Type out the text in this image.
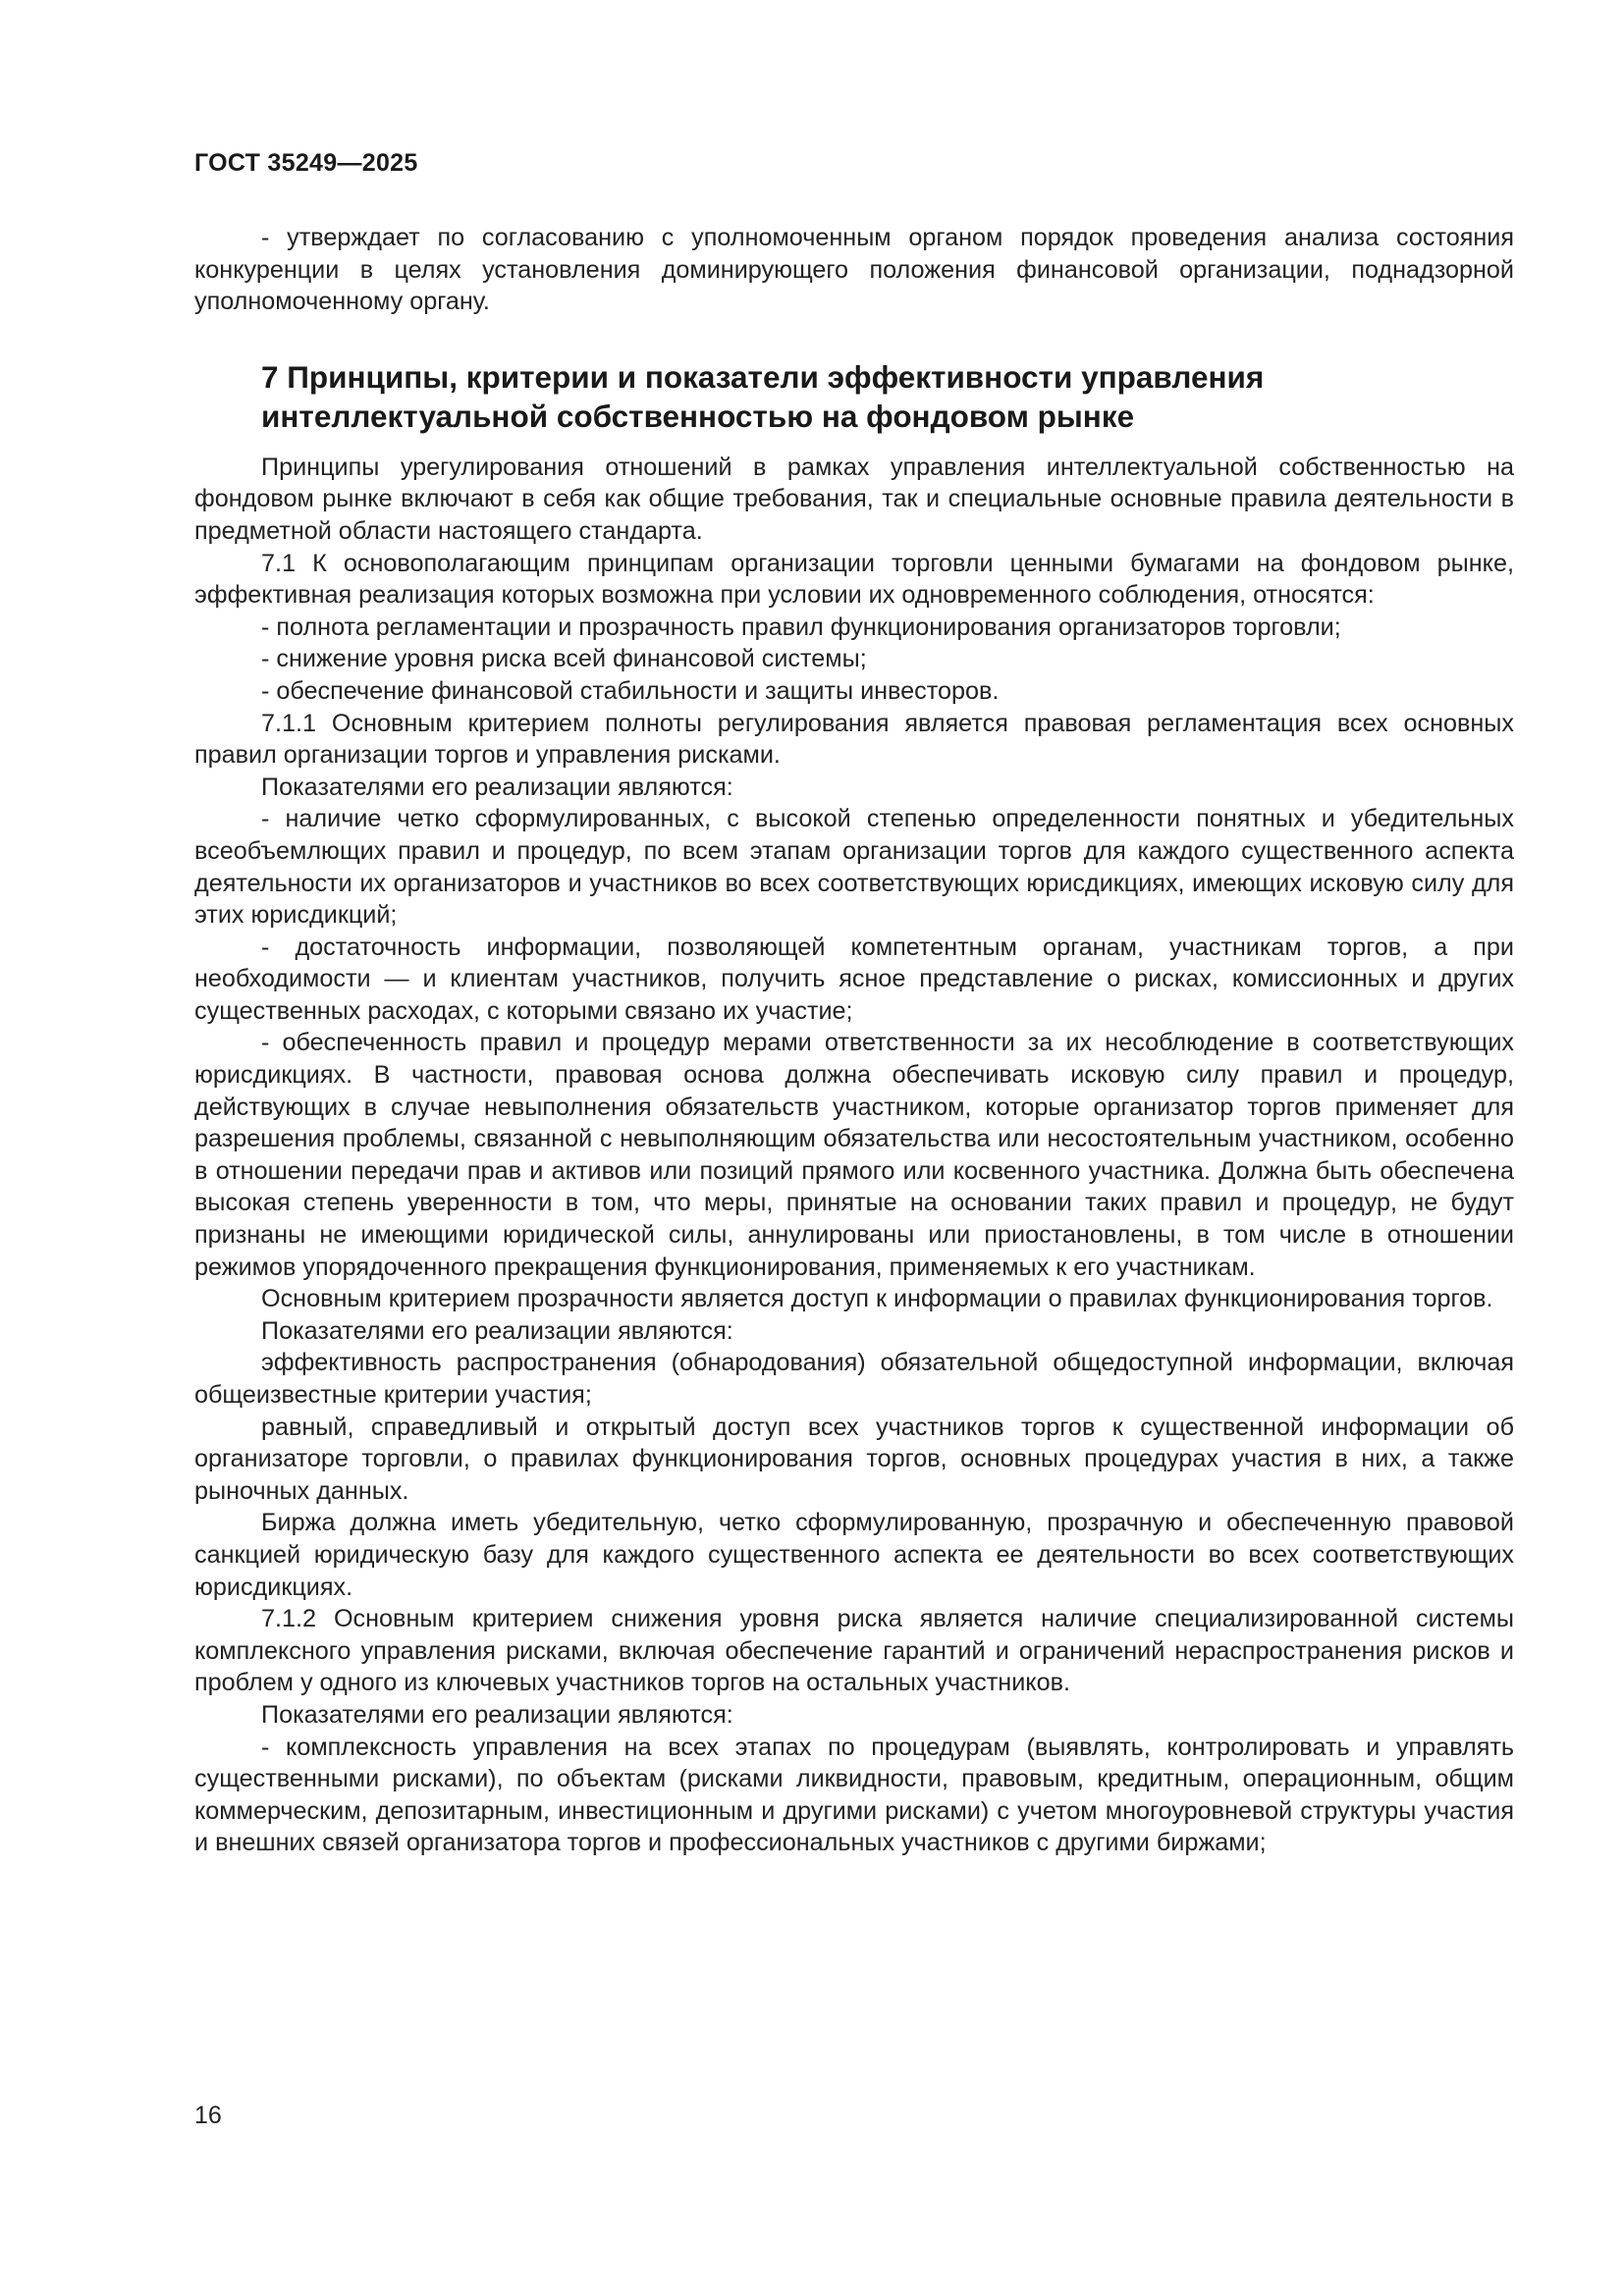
ГОСТ 35249—2025

- утверждает по согласованию с уполномоченным органом порядок проведения анализа состояния конкуренции в целях установления доминирующего положения финансовой организации, поднадзорной уполномоченному органу.

7 Принципы, критерии и показатели эффективности управления интеллектуальной собственностью на фондовом рынке

Принципы урегулирования отношений в рамках управления интеллектуальной собственностью на фондовом рынке включают в себя как общие требования, так и специальные основные правила деятельности в предметной области настоящего стандарта.

7.1 К основополагающим принципам организации торговли ценными бумагами на фондовом рынке, эффективная реализация которых возможна при условии их одновременного соблюдения, относятся:

- полнота регламентации и прозрачность правил функционирования организаторов торговли;

- снижение уровня риска всей финансовой системы;

- обеспечение финансовой стабильности и защиты инвесторов.

7.1.1 Основным критерием полноты регулирования является правовая регламентация всех основных правил организации торгов и управления рисками.

Показателями его реализации являются:

- наличие четко сформулированных, с высокой степенью определенности понятных и убедительных всеобъемлющих правил и процедур, по всем этапам организации торгов для каждого существенного аспекта деятельности их организаторов и участников во всех соответствующих юрисдикциях, имеющих исковую силу для этих юрисдикций;

- достаточность информации, позволяющей компетентным органам, участникам торгов, а при необходимости — и клиентам участников, получить ясное представление о рисках, комиссионных и других существенных расходах, с которыми связано их участие;

- обеспеченность правил и процедур мерами ответственности за их несоблюдение в соответствующих юрисдикциях. В частности, правовая основа должна обеспечивать исковую силу правил и процедур, действующих в случае невыполнения обязательств участником, которые организатор торгов применяет для разрешения проблемы, связанной с невыполняющим обязательства или несостоятельным участником, особенно в отношении передачи прав и активов или позиций прямого или косвенного участника. Должна быть обеспечена высокая степень уверенности в том, что меры, принятые на основании таких правил и процедур, не будут признаны не имеющими юридической силы, аннулированы или приостановлены, в том числе в отношении режимов упорядоченного прекращения функционирования, применяемых к его участникам.

Основным критерием прозрачности является доступ к информации о правилах функционирования торгов.

Показателями его реализации являются:

эффективность распространения (обнародования) обязательной общедоступной информации, включая общеизвестные критерии участия;

равный, справедливый и открытый доступ всех участников торгов к существенной информации об организаторе торговли, о правилах функционирования торгов, основных процедурах участия в них, а также рыночных данных.

Биржа должна иметь убедительную, четко сформулированную, прозрачную и обеспеченную правовой санкцией юридическую базу для каждого существенного аспекта ее деятельности во всех соответствующих юрисдикциях.

7.1.2 Основным критерием снижения уровня риска является наличие специализированной системы комплексного управления рисками, включая обеспечение гарантий и ограничений нераспространения рисков и проблем у одного из ключевых участников торгов на остальных участников.

Показателями его реализации являются:

- комплексность управления на всех этапах по процедурам (выявлять, контролировать и управлять существенными рисками), по объектам (рисками ликвидности, правовым, кредитным, операционным, общим коммерческим, депозитарным, инвестиционным и другими рисками) с учетом многоуровневой структуры участия и внешних связей организатора торгов и профессиональных участников с другими биржами;

16
